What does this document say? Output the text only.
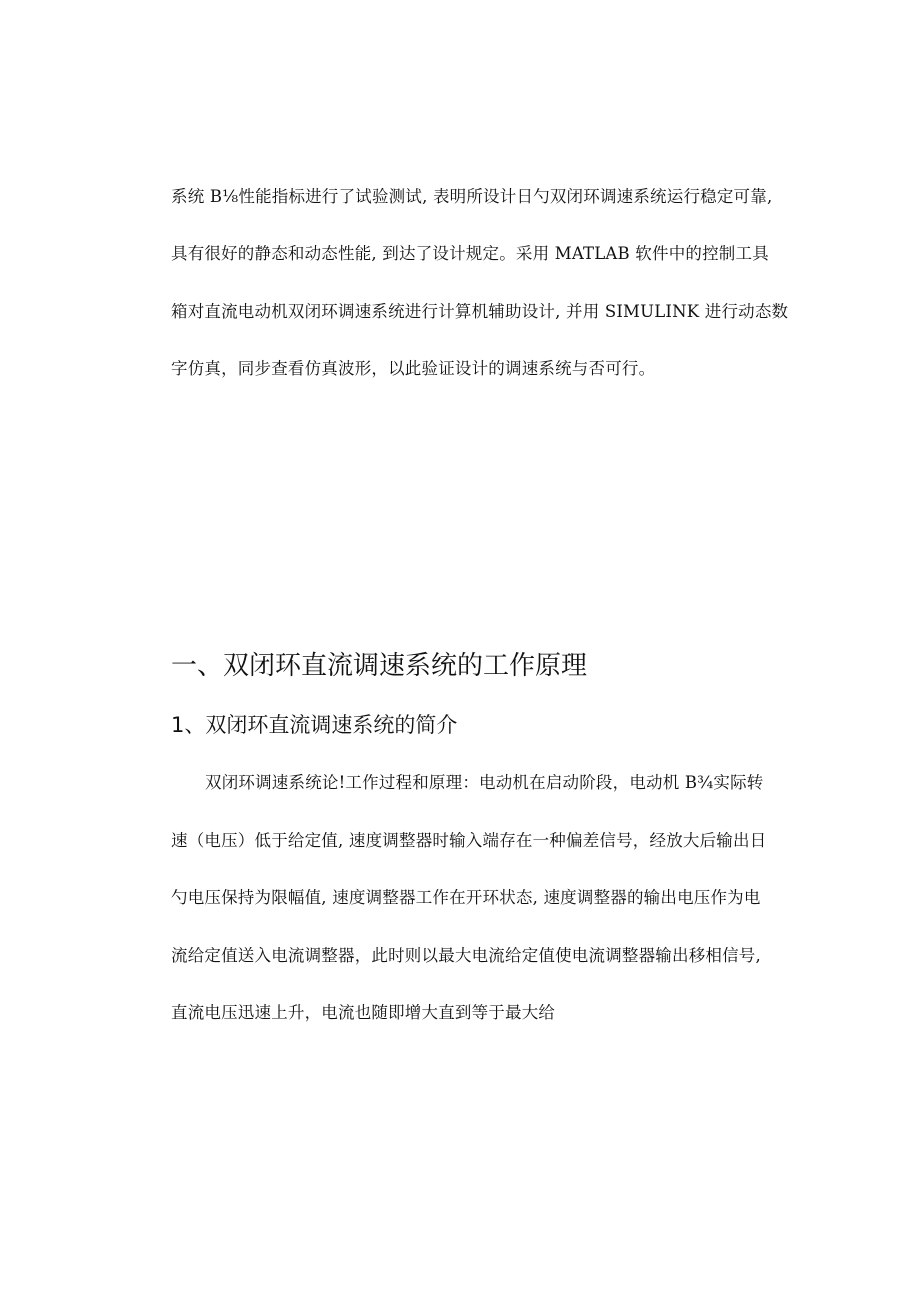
系统 B⅛性能指标进行了试验测试, 表明所设计日勺双闭环调速系统运行稳定可靠,
具有很好的静态和动态性能, 到达了设计规定。采用 MATLAB 软件中的控制工具
箱对直流电动机双闭环调速系统进行计算机辅助设计, 并用 SIMULINK 进行动态数
字仿真，同步查看仿真波形，以此验证设计的调速系统与否可行。
一、双闭环直流调速系统的工作原理
1、双闭环直流调速系统的简介
双闭环调速系统论!工作过程和原理：电动机在启动阶段，电动机 B¾实际转
速（电压）低于给定值, 速度调整器时输入端存在一种偏差信号，经放大后输出日
勺电压保持为限幅值, 速度调整器工作在开环状态, 速度调整器的输出电压作为电
流给定值送入电流调整器，此时则以最大电流给定值使电流调整器输出移相信号,
直流电压迅速上升，电流也随即增大直到等于最大给
